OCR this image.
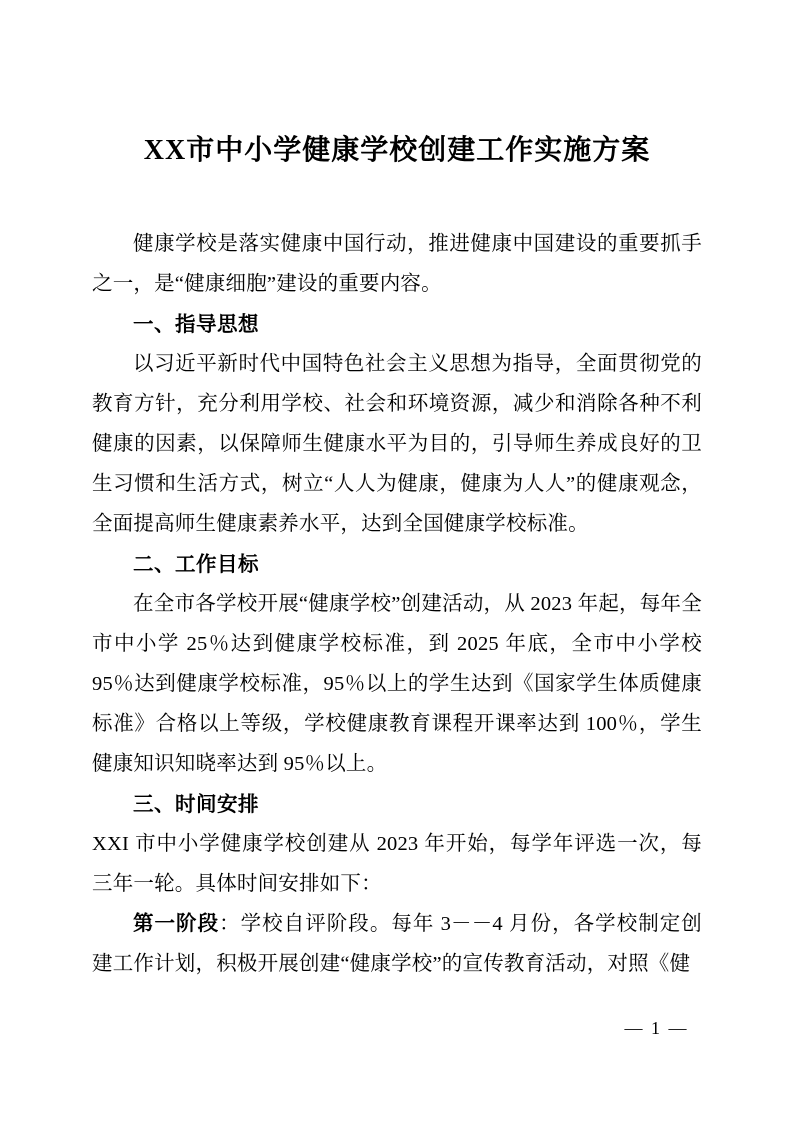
XX市中小学健康学校创建工作实施方案

健康学校是落实健康中国行动，推进健康中国建设的重要抓手之一，是“健康细胞”建设的重要内容。

一、指导思想

以习近平新时代中国特色社会主义思想为指导，全面贯彻党的教育方针，充分利用学校、社会和环境资源，减少和消除各种不利健康的因素，以保障师生健康水平为目的，引导师生养成良好的卫生习惯和生活方式，树立“人人为健康，健康为人人”的健康观念，全面提高师生健康素养水平，达到全国健康学校标准。

二、工作目标

在全市各学校开展“健康学校”创建活动，从 2023 年起，每年全市中小学 25％达到健康学校标准，到 2025 年底，全市中小学校 95％达到健康学校标准，95％以上的学生达到《国家学生体质健康标准》合格以上等级，学校健康教育课程开课率达到 100％，学生健康知识知晓率达到 95％以上。

三、时间安排

XXI 市中小学健康学校创建从 2023 年开始，每学年评选一次，每三年一轮。具体时间安排如下：

第一阶段：学校自评阶段。每年 3－－4 月份，各学校制定创建工作计划，积极开展创建“健康学校”的宣传教育活动，对照《健

— 1 —
